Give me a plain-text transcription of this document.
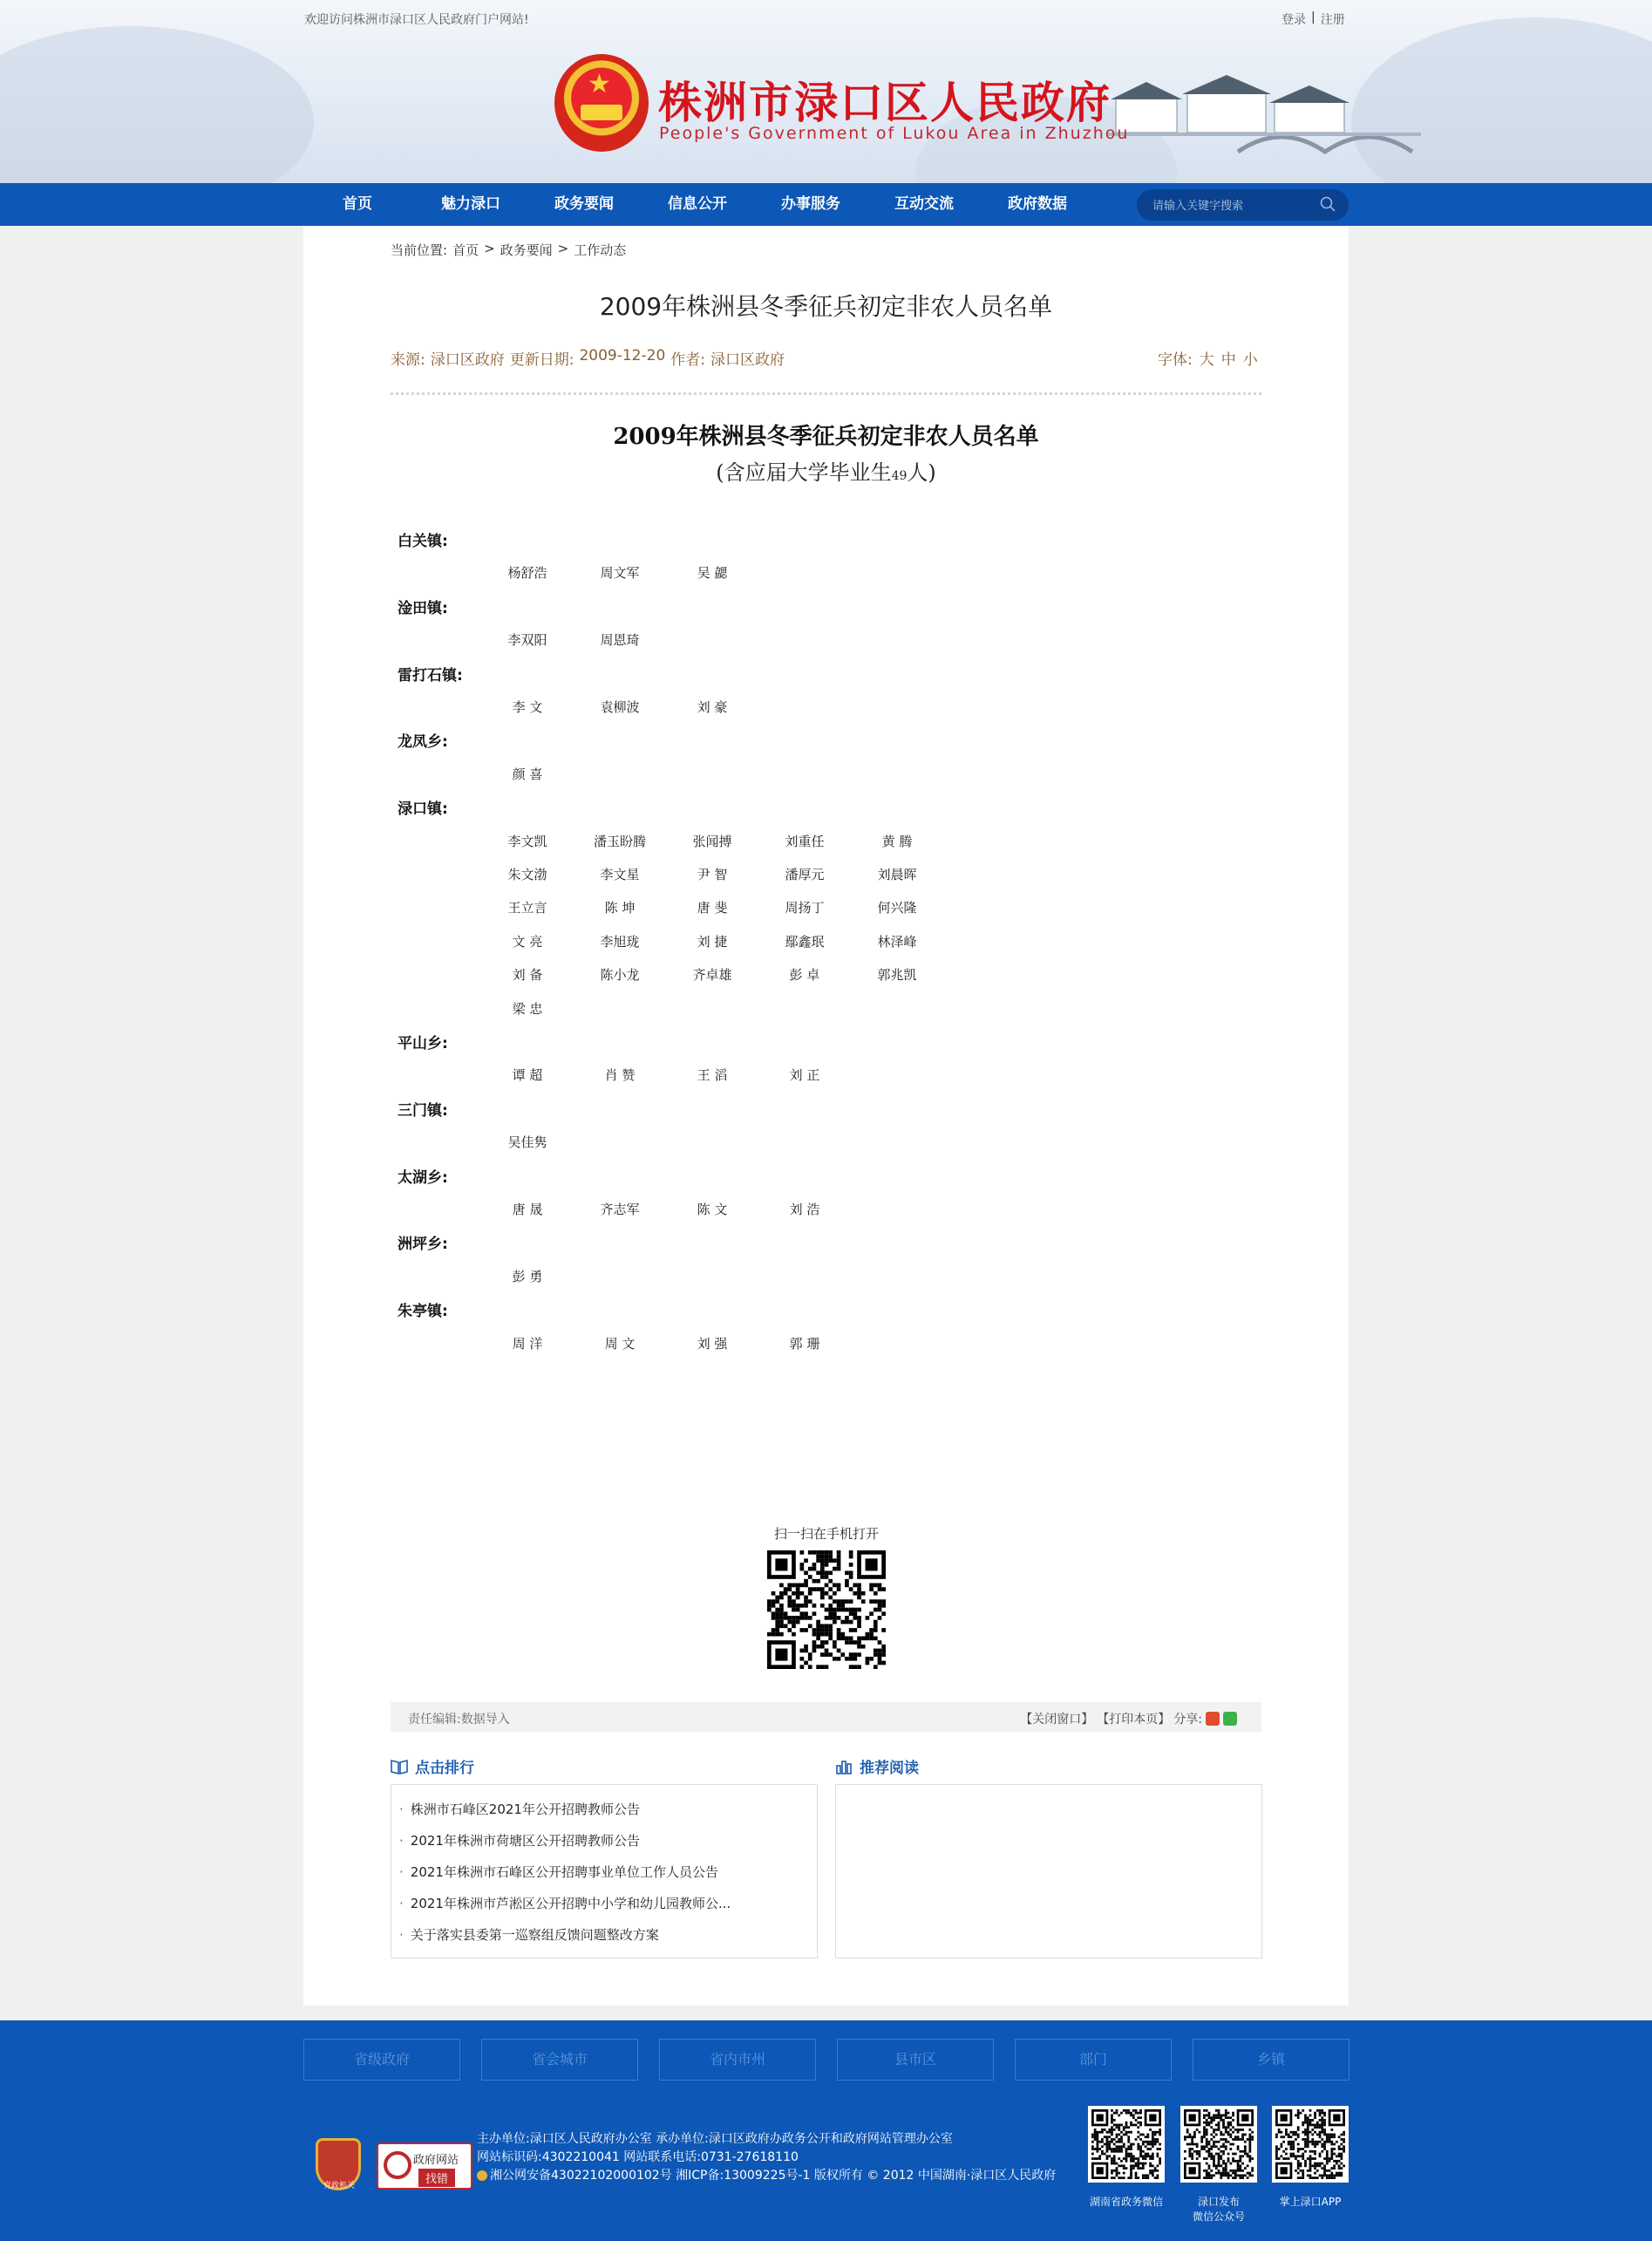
欢迎访问株洲市渌口区人民政府门户网站!	登录 | 注册
★ 株洲市渌口区人民政府
People's Government of Lukou Area in Zhuzhou
首页	魅力渌口	政务要闻	信息公开	办事服务	互动交流	政府数据
请输入关键字搜索
当前位置: 首页 > 政务要闻 > 工作动态
2009年株洲县冬季征兵初定非农人员名单
来源: 渌口区政府 更新日期: 2009-12-20 作者: 渌口区政府	字体: 大 中 小
2009年株洲县冬季征兵初定非农人员名单
(含应届大学毕业生49人)
白关镇:
杨舒浩	周文军	吴 勰
淦田镇:
李双阳	周恩琦
雷打石镇:
李 文	袁柳波	刘 豪
龙凤乡:
颜 喜
渌口镇:
李文凯	潘玉盼腾	张闻搏	刘重任	黄 腾
朱文渤	李文星	尹 智	潘厚元	刘晨晖
王立言	陈 坤	唐 斐	周扬丁	何兴隆
文 亮	李旭珑	刘 捷	鄢鑫珉	林泽峰
刘 备	陈小龙	齐卓雄	彭 卓	郭兆凯
梁 忠
平山乡:
谭 超	肖 赞	王 滔	刘 正
三门镇:
吴佳隽
太湖乡:
唐 晟	齐志军	陈 文	刘 浩
洲坪乡:
彭 勇
朱亭镇:
周 洋	周 文	刘 强	郭 珊
扫一扫在手机打开
责任编辑:数据导入	【关闭窗口】 【打印本页】 分享:
点击排行	推荐阅读
· 株洲市石峰区2021年公开招聘教师公告
· 2021年株洲市荷塘区公开招聘教师公告
· 2021年株洲市石峰区公开招聘事业单位工作人员公告
· 2021年株洲市芦淞区公开招聘中小学和幼儿园教师公...
· 关于落实县委第一巡察组反馈问题整改方案
省级政府	省会城市	省内市州	县市区	部门	乡镇
党政机关
政府网站
找错
主办单位:渌口区人民政府办公室 承办单位:渌口区政府办政务公开和政府网站管理办公室
网站标识码:4302210041 网站联系电话:0731-27618110
湘公网安备43022102000102号 湘ICP备:13009225号-1 版权所有 © 2012 中国湖南·渌口区人民政府
湖南省政务微信	渌口发布
微信公众号
掌上渌口APP
